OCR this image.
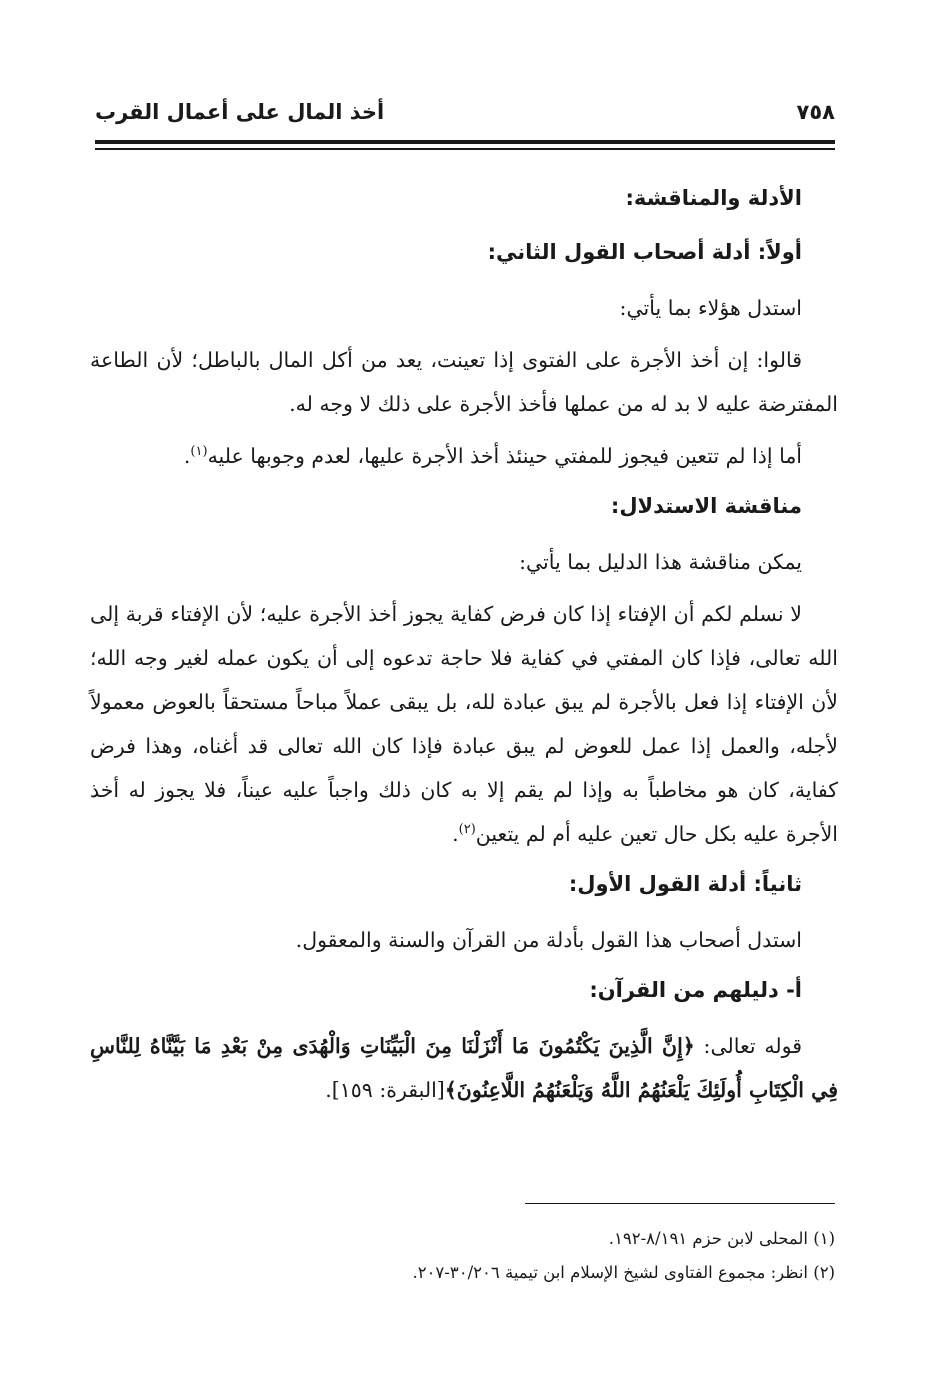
٧٥٨
أخذ المال على أعمال القرب
الأدلة والمناقشة:
أولاً: أدلة أصحاب القول الثاني:

استدل هؤلاء بما يأتي:

قالوا: إن أخذ الأجرة على الفتوى إذا تعينت، يعد من أكل المال بالباطل؛ لأن الطاعة المفترضة عليه لا بد له من عملها فأخذ الأجرة على ذلك لا وجه له.

أما إذا لم تتعين فيجوز للمفتي حينئذ أخذ الأجرة عليها، لعدم وجوبها عليه$^{(١)}$.

مناقشة الاستدلال:

يمكن مناقشة هذا الدليل بما يأتي:

لا نسلم لكم أن الإفتاء إذا كان فرض كفاية يجوز أخذ الأجرة عليه؛ لأن الإفتاء قربة إلى الله تعالى، فإذا كان المفتي في كفاية فلا حاجة تدعوه إلى أن يكون عمله لغير وجه الله؛ لأن الإفتاء إذا فعل بالأجرة لم يبق عبادة لله، بل يبقى عملاً مباحاً مستحقاً بالعوض معمولاً لأجله، والعمل إذا عمل للعوض لم يبق عبادة فإذا كان الله تعالى قد أغناه، وهذا فرض كفاية، كان هو مخاطباً به وإذا لم يقم إلا به كان ذلك واجباً عليه عيناً، فلا يجوز له أخذ الأجرة عليه بكل حال تعين عليه أم لم يتعين$^{(٢)}$.

ثانياً: أدلة القول الأول:

استدل أصحاب هذا القول بأدلة من القرآن والسنة والمعقول.

أ- دليلهم من القرآن:

قوله تعالى: ﴿إِنَّ الَّذِينَ يَكْتُمُونَ مَا أَنْزَلْنَا مِنَ الْبَيِّنَاتِ وَالْهُدَى مِنْ بَعْدِ مَا بَيَّنَّاهُ لِلنَّاسِ فِي الْكِتَابِ أُولَئِكَ يَلْعَنُهُمُ اللَّهُ وَيَلْعَنُهُمُ اللَّاعِنُونَ﴾[البقرة: ١٥٩].

(١) المحلى لابن حزم ٨/١٩١-١٩٢.

(٢) انظر: مجموع الفتاوى لشيخ الإسلام ابن تيمية ٣٠/٢٠٦-٢٠٧.
